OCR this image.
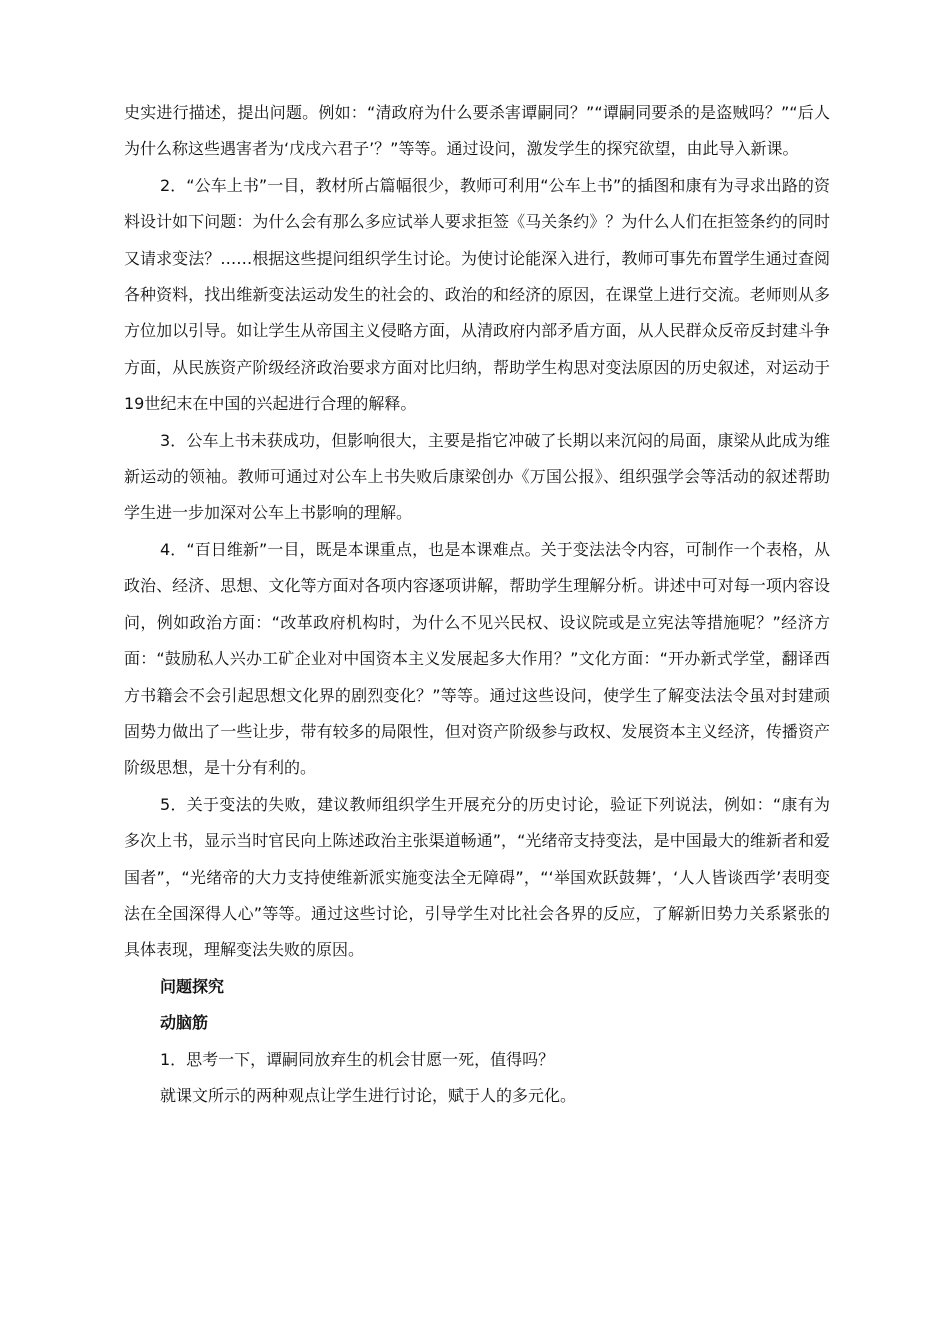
史实进行描述，提出问题。例如：“清政府为什么要杀害谭嗣同？”“谭嗣同要杀的是盗贼吗？”“后人为什么称这些遇害者为‘戊戌六君子’？”等等。通过设问，激发学生的探究欲望，由此导入新课。

2．“公车上书”一目，教材所占篇幅很少，教师可利用“公车上书”的插图和康有为寻求出路的资料设计如下问题：为什么会有那么多应试举人要求拒签《马关条约》？为什么人们在拒签条约的同时又请求变法？……根据这些提问组织学生讨论。为使讨论能深入进行，教师可事先布置学生通过查阅各种资料，找出维新变法运动发生的社会的、政治的和经济的原因，在课堂上进行交流。老师则从多方位加以引导。如让学生从帝国主义侵略方面，从清政府内部矛盾方面，从人民群众反帝反封建斗争方面，从民族资产阶级经济政治要求方面对比归纳，帮助学生构思对变法原因的历史叙述，对运动于19世纪末在中国的兴起进行合理的解释。

3．公车上书未获成功，但影响很大，主要是指它冲破了长期以来沉闷的局面，康梁从此成为维新运动的领袖。教师可通过对公车上书失败后康梁创办《万国公报》、组织强学会等活动的叙述帮助学生进一步加深对公车上书影响的理解。

4．“百日维新”一目，既是本课重点，也是本课难点。关于变法法令内容，可制作一个表格，从政治、经济、思想、文化等方面对各项内容逐项讲解，帮助学生理解分析。讲述中可对每一项内容设问，例如政治方面：“改革政府机构时，为什么不见兴民权、设议院或是立宪法等措施呢？”经济方面：“鼓励私人兴办工矿企业对中国资本主义发展起多大作用？”文化方面：“开办新式学堂，翻译西方书籍会不会引起思想文化界的剧烈变化？”等等。通过这些设问，使学生了解变法法令虽对封建顽固势力做出了一些让步，带有较多的局限性，但对资产阶级参与政权、发展资本主义经济，传播资产阶级思想，是十分有利的。

5．关于变法的失败，建议教师组织学生开展充分的历史讨论，验证下列说法，例如：“康有为多次上书，显示当时官民向上陈述政治主张渠道畅通”，“光绪帝支持变法，是中国最大的维新者和爱国者”，“光绪帝的大力支持使维新派实施变法全无障碍”，“‘举国欢跃鼓舞’，‘人人皆谈西学’表明变法在全国深得人心”等等。通过这些讨论，引导学生对比社会各界的反应，了解新旧势力关系紧张的具体表现，理解变法失败的原因。

问题探究

动脑筋

1．思考一下，谭嗣同放弃生的机会甘愿一死，值得吗？

就课文所示的两种观点让学生进行讨论，赋于人的多元化。
